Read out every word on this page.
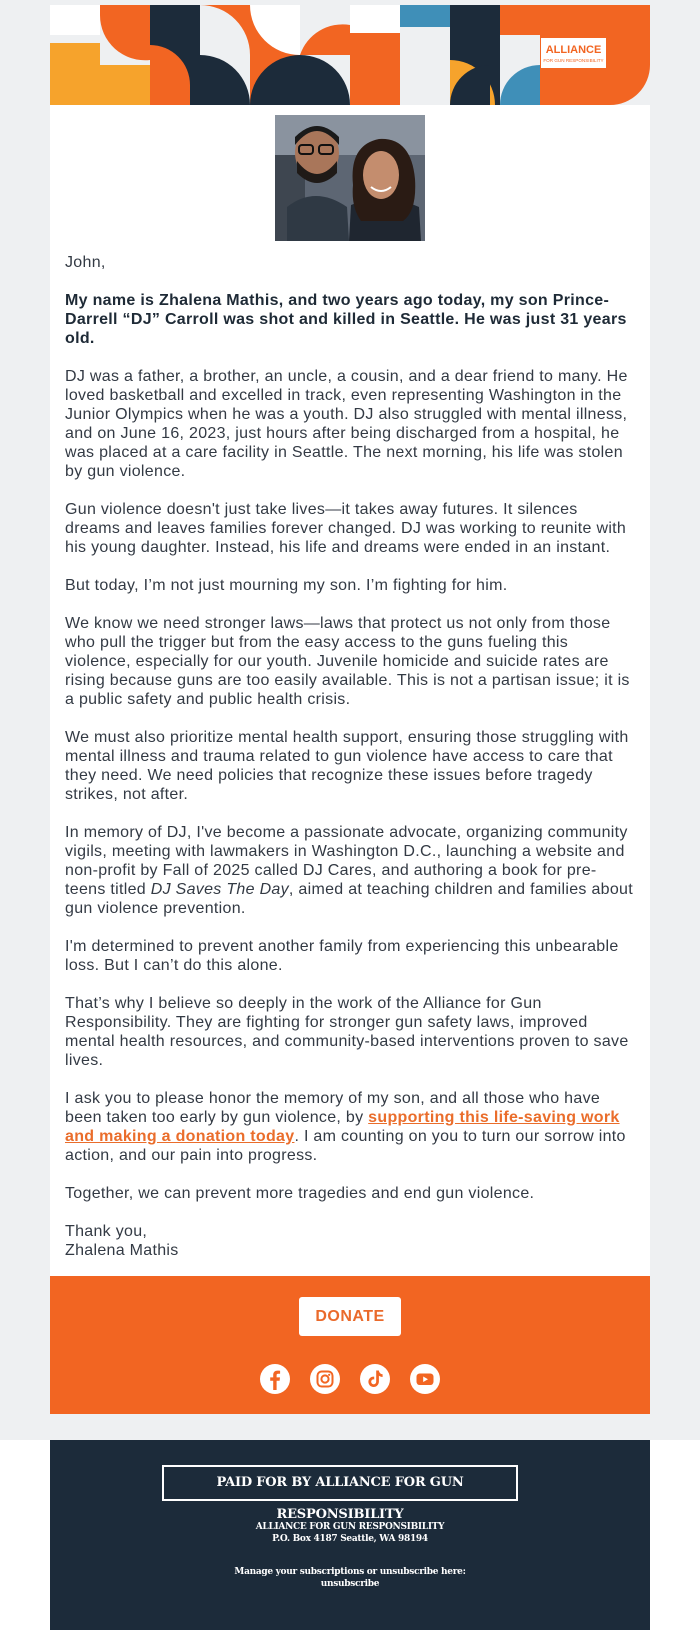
ALLIANCE
FOR GUN RESPONSIBILITY

John,

My name is Zhalena Mathis, and two years ago today, my son Prince-Darrell “DJ” Carroll was shot and killed in Seattle. He was just 31 years old.

DJ was a father, a brother, an uncle, a cousin, and a dear friend to many. He loved basketball and excelled in track, even representing Washington in the Junior Olympics when he was a youth. DJ also struggled with mental illness, and on June 16, 2023, just hours after being discharged from a hospital, he was placed at a care facility in Seattle. The next morning, his life was stolen by gun violence.

Gun violence doesn't just take lives—it takes away futures. It silences dreams and leaves families forever changed. DJ was working to reunite with his young daughter. Instead, his life and dreams were ended in an instant.

But today, I’m not just mourning my son. I’m fighting for him.

We know we need stronger laws—laws that protect us not only from those who pull the trigger but from the easy access to the guns fueling this violence, especially for our youth. Juvenile homicide and suicide rates are rising because guns are too easily available. This is not a partisan issue; it is a public safety and public health crisis.

We must also prioritize mental health support, ensuring those struggling with mental illness and trauma related to gun violence have access to care that they need. We need policies that recognize these issues before tragedy strikes, not after.

In memory of DJ, I've become a passionate advocate, organizing community vigils, meeting with lawmakers in Washington D.C., launching a website and non-profit by Fall of 2025 called DJ Cares, and authoring a book for pre-teens titled DJ Saves The Day, aimed at teaching children and families about gun violence prevention.

I'm determined to prevent another family from experiencing this unbearable loss. But I can’t do this alone.

That’s why I believe so deeply in the work of the Alliance for Gun Responsibility. They are fighting for stronger gun safety laws, improved mental health resources, and community-based interventions proven to save lives.

I ask you to please honor the memory of my son, and all those who have been taken too early by gun violence, by supporting this life-saving work and making a donation today. I am counting on you to turn our sorrow into action, and our pain into progress.

Together, we can prevent more tragedies and end gun violence.

Thank you,
Zhalena Mathis

DONATE

PAID FOR BY ALLIANCE FOR GUN RESPONSIBILITY
ALLIANCE FOR GUN RESPONSIBILITY
P.O. Box 4187 Seattle, WA 98194
Manage your subscriptions or unsubscribe here:
unsubscribe
